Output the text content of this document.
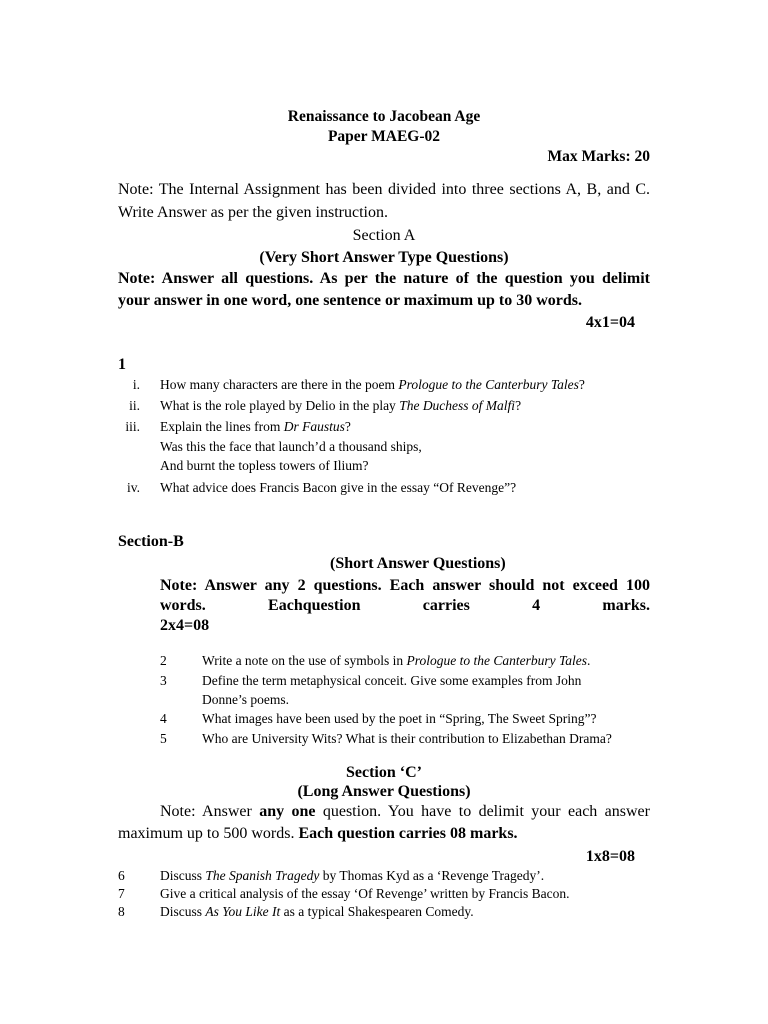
Renaissance to Jacobean Age
Paper MAEG-02
Max Marks: 20
Note: The Internal Assignment has been divided into three sections A, B, and C.
Write Answer as per the given instruction.
Section A
(Very Short Answer Type Questions)
Note: Answer all questions. As per the nature of the question you delimit
your answer in one word, one sentence or maximum up to 30 words.
4x1=04
1
i. How many characters are there in the poem Prologue to the Canterbury Tales?
ii. What is the role played by Delio in the play The Duchess of Malfi?
iii. Explain the lines from Dr Faustus?
Was this the face that launch’d a thousand ships,
And burnt the topless towers of Ilium?
iv. What advice does Francis Bacon give in the essay “Of Revenge”?
Section-B
(Short Answer Questions)
Note: Answer any 2 questions. Each answer should not exceed 100
words.	Eachquestion	carries	4	marks.
2x4=08
2	Write a note on the use of symbols in Prologue to the Canterbury Tales.
3	Define the term metaphysical conceit. Give some examples from John
Donne’s poems.
4	What images have been used by the poet in “Spring, The Sweet Spring”?
5	Who are University Wits? What is their contribution to Elizabethan Drama?
Section ‘C’
(Long Answer Questions)
Note: Answer any one question. You have to delimit your each answer
maximum up to 500 words. Each question carries 08 marks.
1x8=08
6	Discuss The Spanish Tragedy by Thomas Kyd as a ‘Revenge Tragedy’.
7	Give a critical analysis of the essay ‘Of Revenge’ written by Francis Bacon.
8	Discuss As You Like It as a typical Shakespearen Comedy.
